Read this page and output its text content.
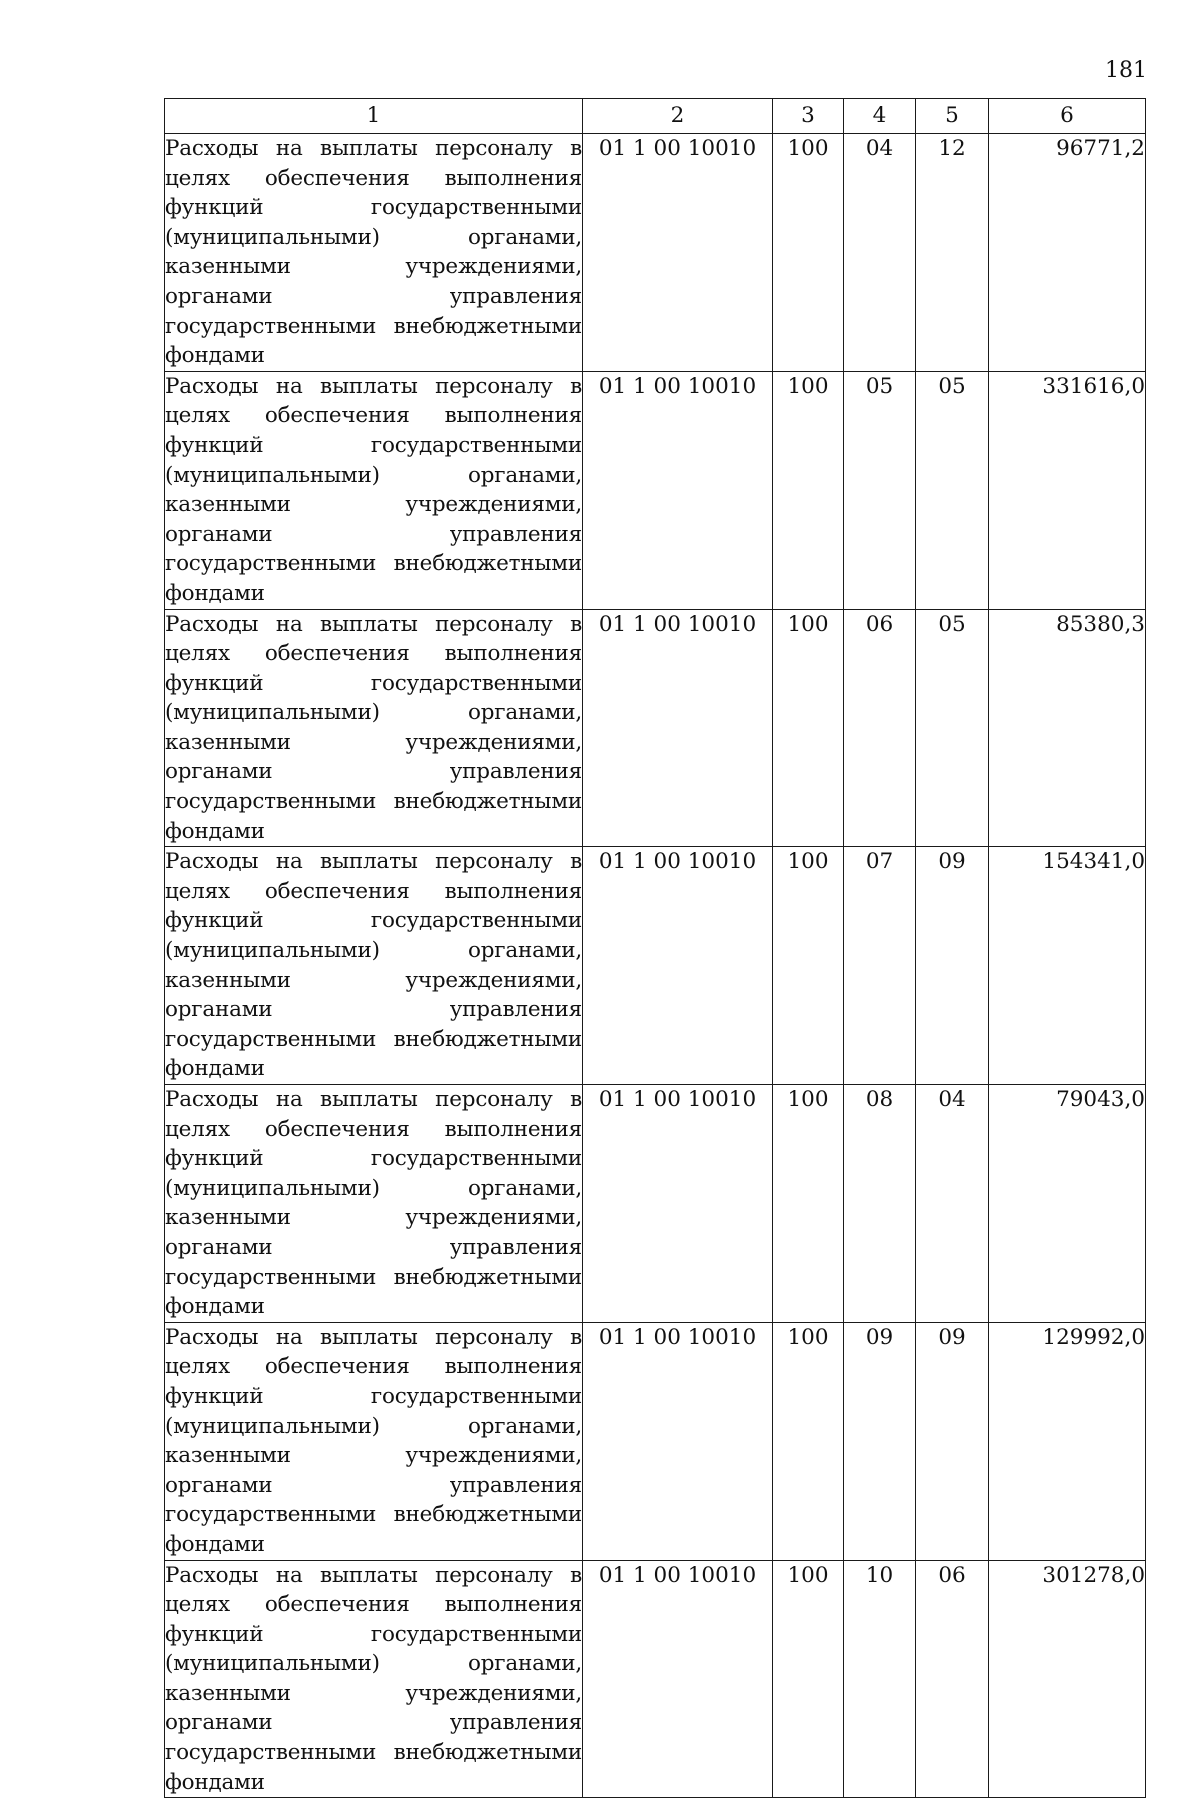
181
1	2	3	4	5	6

Расходы на выплаты персоналу в целях обеспечения выполнения функций государственными (муниципальными) органами, казенными учреждениями, органами управления государственными внебюджетными фондами	01 1 00 10010	100	04	12	96771,2

Расходы на выплаты персоналу в целях обеспечения выполнения функций государственными (муниципальными) органами, казенными учреждениями, органами управления государственными внебюджетными фондами	01 1 00 10010	100	05	05	331616,0

Расходы на выплаты персоналу в целях обеспечения выполнения функций государственными (муниципальными) органами, казенными учреждениями, органами управления государственными внебюджетными фондами	01 1 00 10010	100	06	05	85380,3

Расходы на выплаты персоналу в целях обеспечения выполнения функций государственными (муниципальными) органами, казенными учреждениями, органами управления государственными внебюджетными фондами	01 1 00 10010	100	07	09	154341,0

Расходы на выплаты персоналу в целях обеспечения выполнения функций государственными (муниципальными) органами, казенными учреждениями, органами управления государственными внебюджетными фондами	01 1 00 10010	100	08	04	79043,0

Расходы на выплаты персоналу в целях обеспечения выполнения функций государственными (муниципальными) органами, казенными учреждениями, органами управления государственными внебюджетными фондами	01 1 00 10010	100	09	09	129992,0

Расходы на выплаты персоналу в целях обеспечения выполнения функций государственными (муниципальными) органами, казенными учреждениями, органами управления государственными внебюджетными фондами	01 1 00 10010	100	10	06	301278,0
